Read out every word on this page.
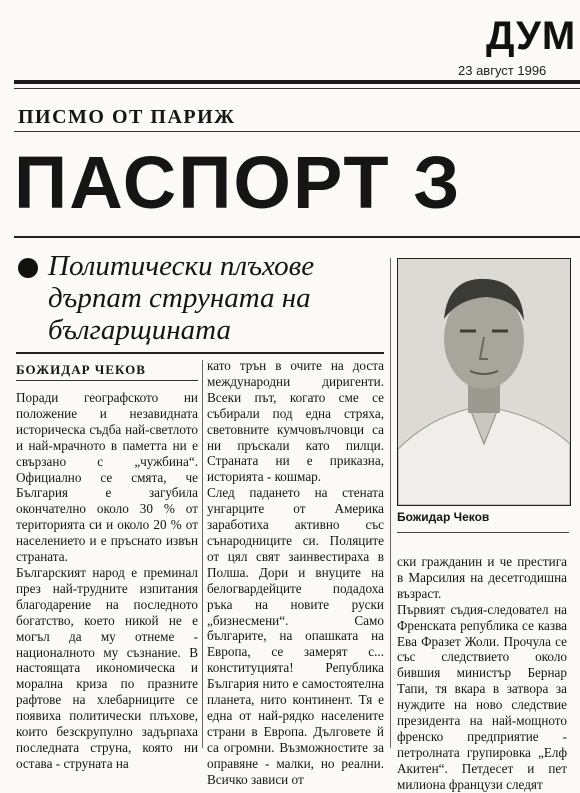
ДУМ
23 август 1996
ПИСМО ОТ ПАРИЖ
ПАСПОРТ З
Политически плъхове дърпат струната на българщината
БОЖИДАР ЧЕКОВ
Поради географското ни положение и незавидната историческа съдба най-светлото и най-мрачното в паметта ни е свързано с „чужбина“. Официално се смята, че България е загубила окончателно около 30 % от територията си и около 20 % от населението и е пръснато извън страната.
Българският народ е преминал през най-трудните изпитания благодарение на последното богатство, което никой не е могъл да му отнеме - националното му съзнание. В настоящата икономическа и морална криза по празните рафтове на хлебарниците се появиха политически плъхове, които безскрупулно задърпаха последната струна, която ни остава - струната на
като трън в очите на доста международни диригенти. Всеки път, когато сме се събирали под една стряха, световните кумчовълчовци са ни пръскали като пилци. Страната ни е приказна, историята - кошмар.
След падането на стената унгарците от Америка заработиха активно със сънародниците си. Поляците от цял свят заинвестираха в Полша. Дори и внуците на белогвардейците подадоха ръка на новите руски „бизнесмени“. Само българите, на опашката на Европа, се замерят с... конституцията! Република България нито е самостоятелна планета, нито континент. Тя е една от най-рядко населените страни в Европа. Дълговете й са огромни. Възможностите за оправяне - малки, но реални. Всичко зависи от
Божидар Чеков
ски гражданин и че престига в Марсилия на десетгодишна възраст.
Първият съдия-следовател на Френската република се казва Ева Фразет Жоли. Прочула се със следствието около бившия министър Бернар Тапи, тя вкара в затвора за нуждите на ново следствие президента на най-мощното френско предприятие - петролната групировка „Елф Акитен“. Петдесет и пет милиона французи следят
